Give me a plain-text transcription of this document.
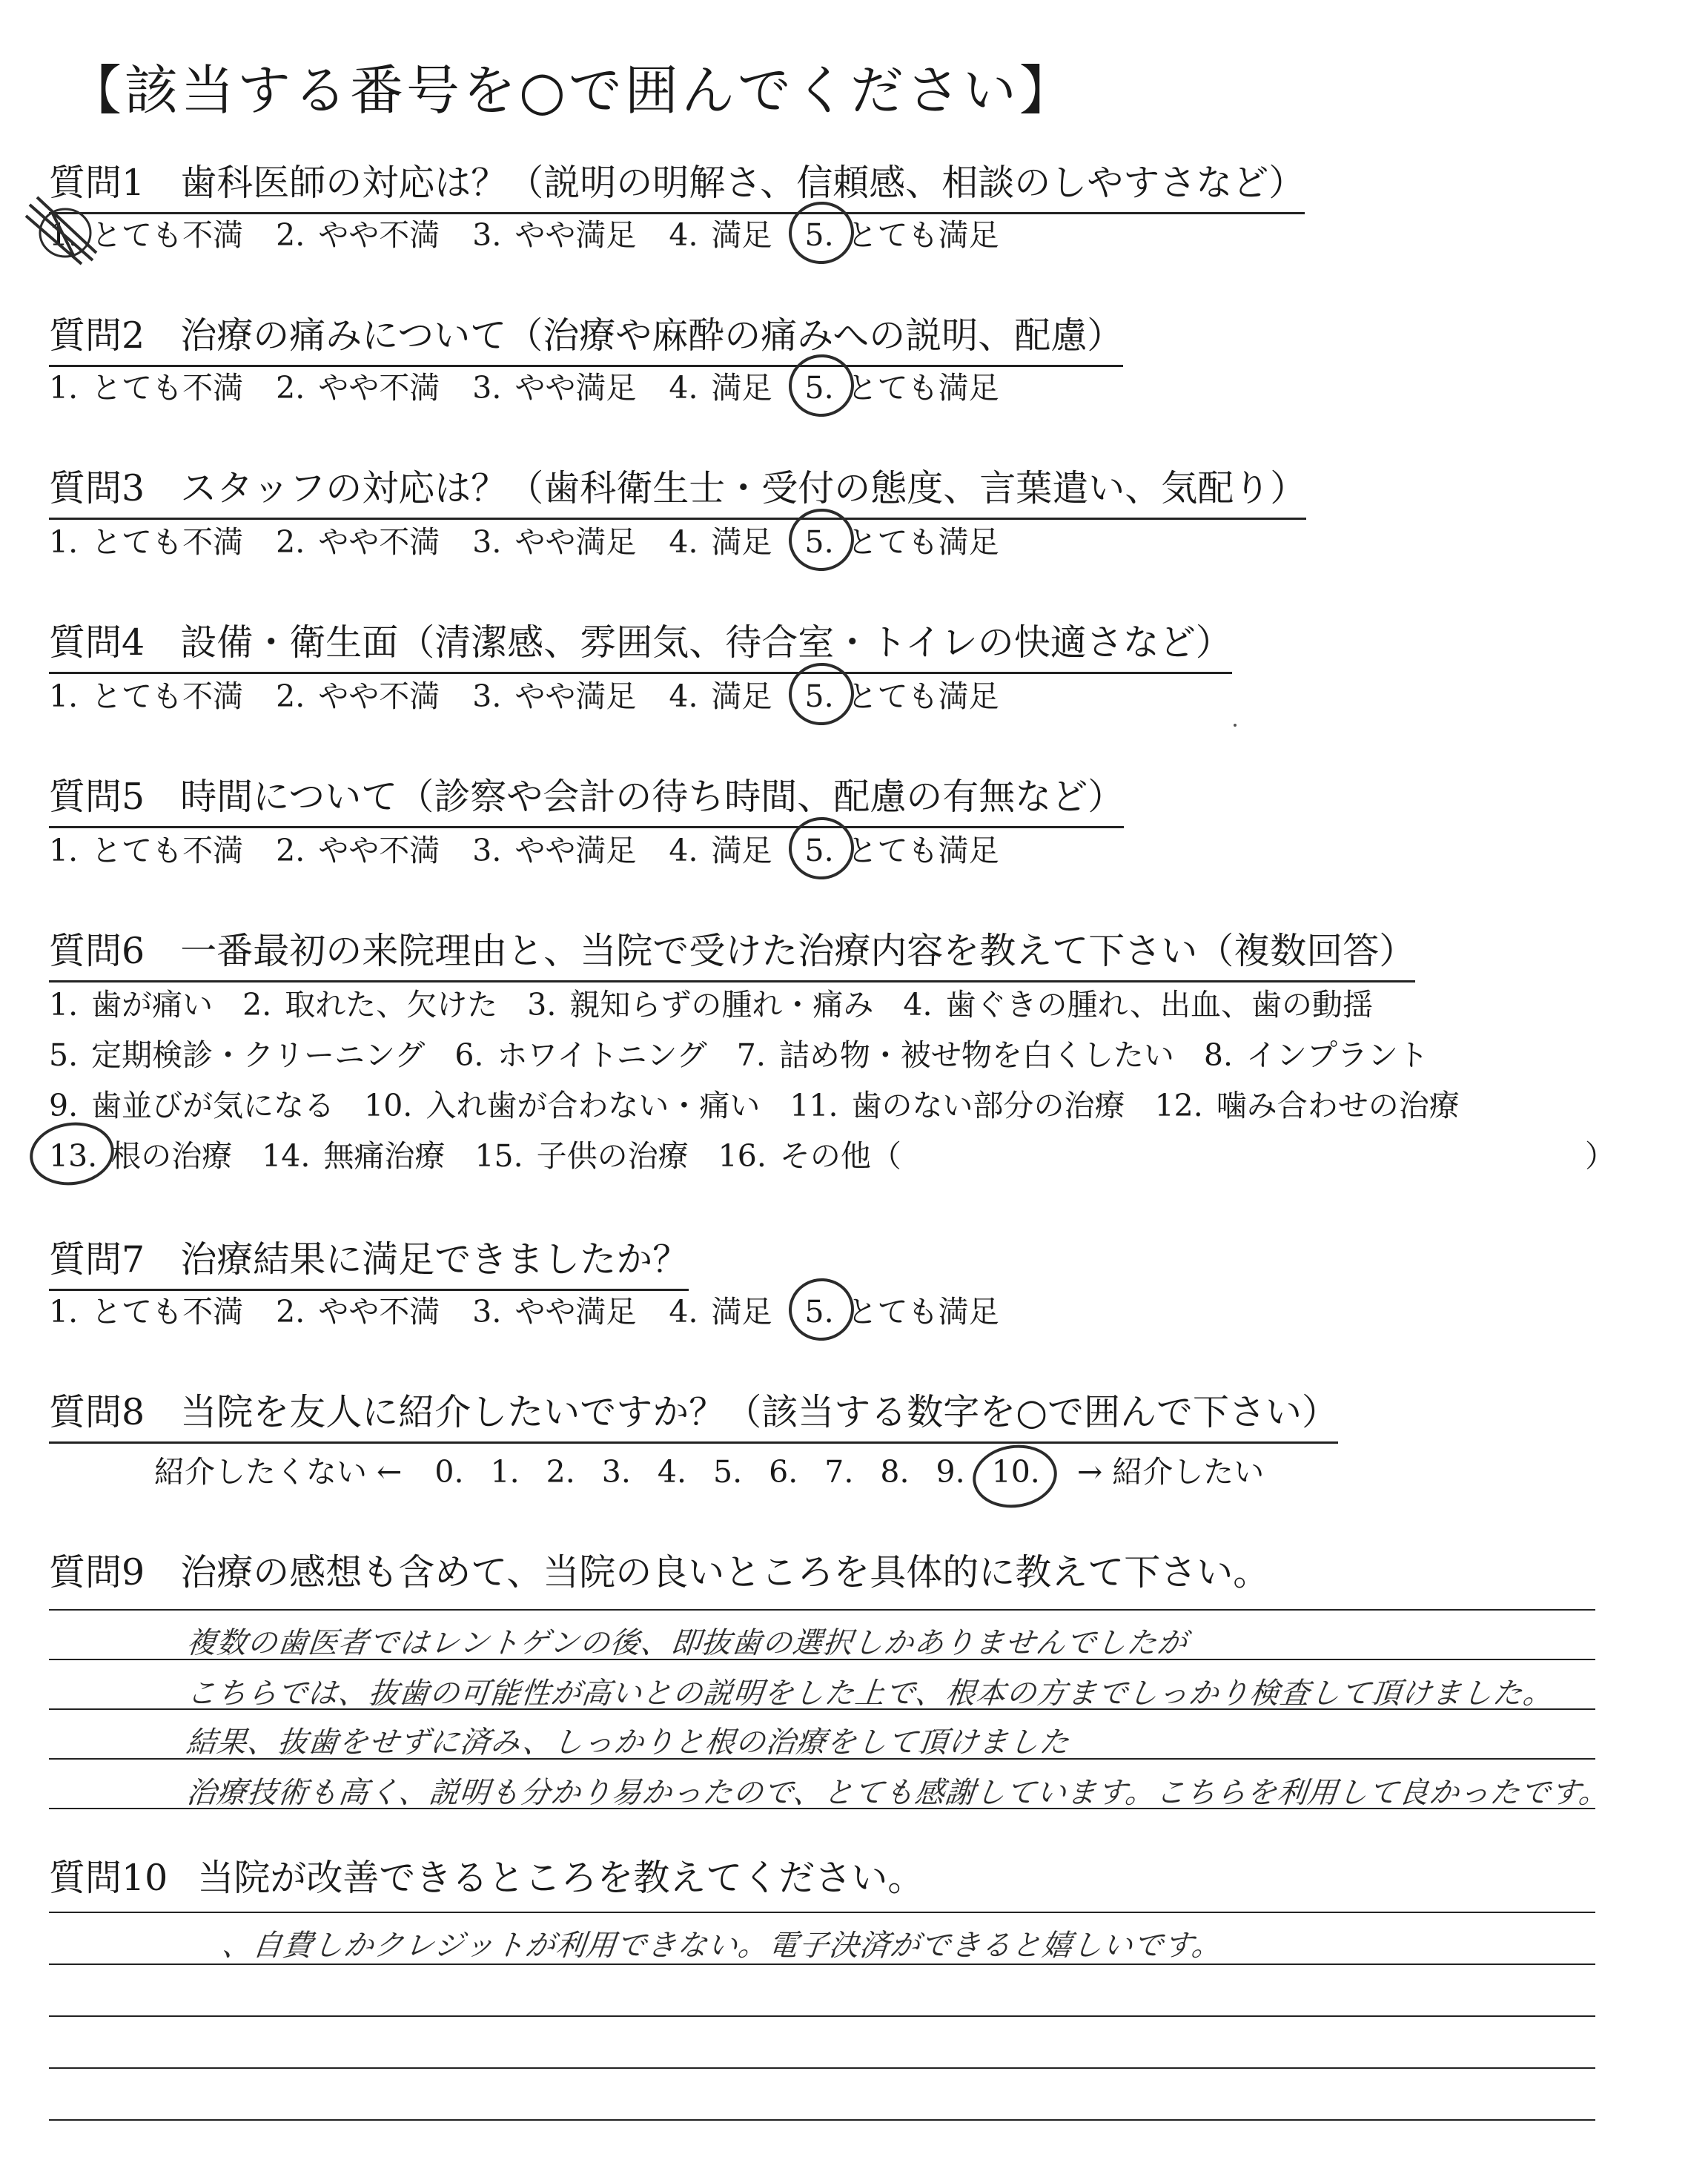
【該当する番号を○で囲んでください】
質問1 歯科医師の対応は？（説明の明解さ、信頼感、相談のしやすさなど）
1. とても不満 2. やや不満 3. やや満足 4. 満足 5. とても満足
質問2 治療の痛みについて（治療や麻酔の痛みへの説明、配慮）
1. とても不満 2. やや不満 3. やや満足 4. 満足 5. とても満足
質問3 スタッフの対応は？（歯科衛生士・受付の態度、言葉遣い、気配り）
1. とても不満 2. やや不満 3. やや満足 4. 満足 5. とても満足
質問4 設備・衛生面（清潔感、雰囲気、待合室・トイレの快適さなど）
1. とても不満 2. やや不満 3. やや満足 4. 満足 5. とても満足
質問5 時間について（診察や会計の待ち時間、配慮の有無など）
1. とても不満 2. やや不満 3. やや満足 4. 満足 5. とても満足
質問6 一番最初の来院理由と、当院で受けた治療内容を教えて下さい（複数回答）
1. 歯が痛い 2. 取れた、欠けた 3. 親知らずの腫れ・痛み 4. 歯ぐきの腫れ、出血、歯の動揺
5. 定期検診・クリーニング 6. ホワイトニング 7. 詰め物・被せ物を白くしたい 8. インプラント
9. 歯並びが気になる 10. 入れ歯が合わない・痛い 11. 歯のない部分の治療 12. 噛み合わせの治療
13. 根の治療 14. 無痛治療 15. 子供の治療 16. その他（	）
質問7 治療結果に満足できましたか？
1. とても不満 2. やや不満 3. やや満足 4. 満足 5. とても満足
質問8 当院を友人に紹介したいですか？（該当する数字を○で囲んで下さい）
紹介したくない ← 0. 1. 2. 3. 4. 5. 6. 7. 8. 9. 10. → 紹介したい
質問9 治療の感想も含めて、当院の良いところを具体的に教えて下さい。
複数の歯医者ではレントゲンの後、即抜歯の選択しかありませんでしたが
こちらでは、抜歯の可能性が高いとの説明をした上で、根本の方までしっかり検査して頂けました。
結果、抜歯をせずに済み、しっかりと根の治療をして頂けました
治療技術も高く、説明も分かり易かったので、とても感謝しています。こちらを利用して良かったです。
質問10 当院が改善できるところを教えてください。
、自費しかクレジットが利用できない。電子決済ができると嬉しいです。
